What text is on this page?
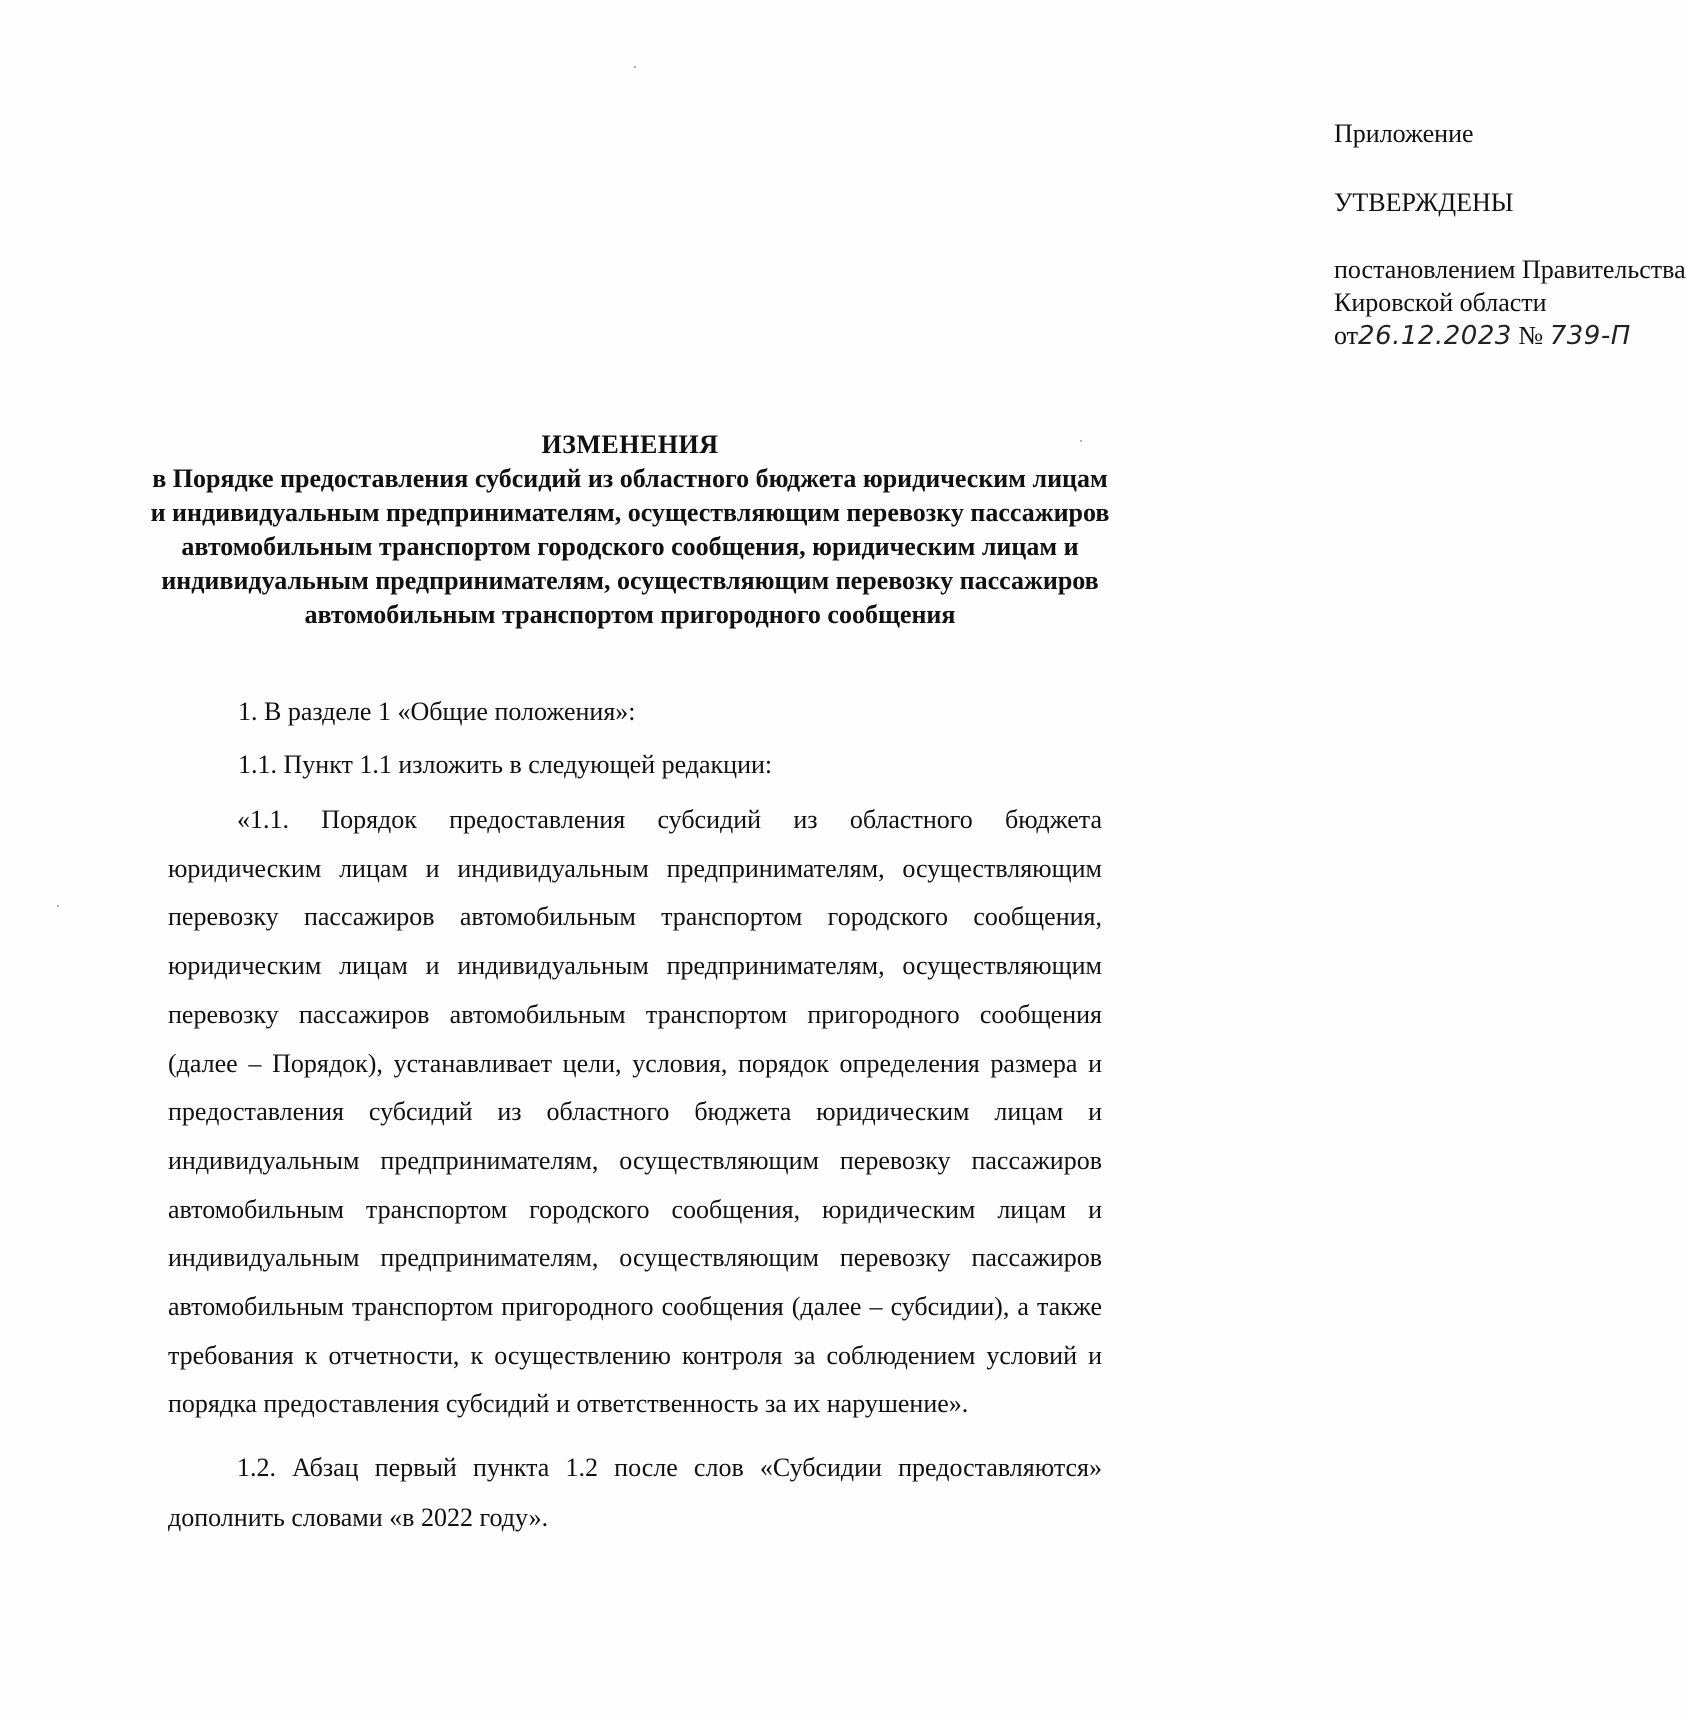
Приложение
УТВЕРЖДЕНЫ
постановлением Правительства
Кировской области
от26.12.2023 № 739-П
ИЗМЕНЕНИЯ
в Порядке предоставления субсидий из областного бюджета юридическим лицам и индивидуальным предпринимателям, осуществляющим перевозку пассажиров автомобильным транспортом городского сообщения, юридическим лицам и индивидуальным предпринимателям, осуществляющим перевозку пассажиров автомобильным транспортом пригородного сообщения
1. В разделе 1 «Общие положения»:
1.1. Пункт 1.1 изложить в следующей редакции:
«1.1. Порядок предоставления субсидий из областного бюджета юридическим лицам и индивидуальным предпринимателям, осуществляющим перевозку пассажиров автомобильным транспортом городского сообщения, юридическим лицам и индивидуальным предпринимателям, осуществляющим перевозку пассажиров автомобильным транспортом пригородного сообщения (далее – Порядок), устанавливает цели, условия, порядок определения размера и предоставления субсидий из областного бюджета юридическим лицам и индивидуальным предпринимателям, осуществляющим перевозку пассажиров автомобильным транспортом городского сообщения, юридическим лицам и индивидуальным предпринимателям, осуществляющим перевозку пассажиров автомобильным транспортом пригородного сообщения (далее – субсидии), а также требования к отчетности, к осуществлению контроля за соблюдением условий и порядка предоставления субсидий и ответственность за их нарушение».
1.2. Абзац первый пункта 1.2 после слов «Субсидии предоставляются» дополнить словами «в 2022 году».
